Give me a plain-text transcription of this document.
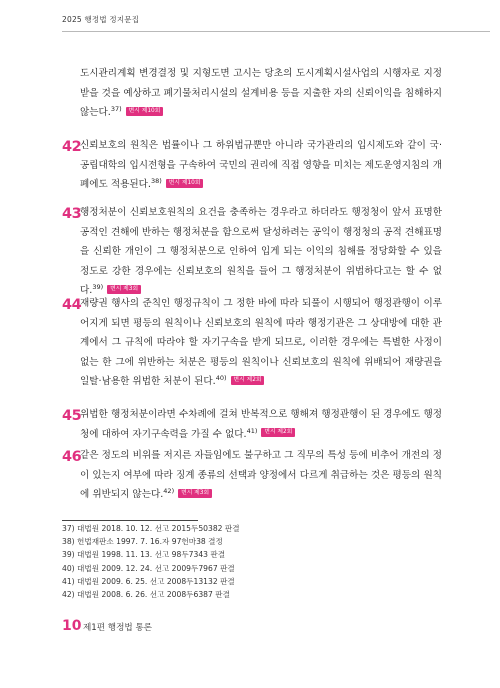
2025 행정법 정지문집
도시관리계획 변경결정 및 지형도면 고시는 당초의 도시계획시설사업의 시행자로 지정받을 것을 예상하고 폐기물처리시설의 설계비용 등을 지출한 자의 신뢰이익을 침해하지 않는다.$^{37)}$ 변시 제10회
42
신뢰보호의 원칙은 법률이나 그 하위법규뿐만 아니라 국가관리의 입시제도와 같이 국·공립대학의 입시전형을 구속하여 국민의 권리에 직접 영향을 미치는 제도운영지침의 개폐에도 적용된다.$^{38)}$ 변시 제10회
43
행정처분이 신뢰보호원칙의 요건을 충족하는 경우라고 하더라도 행정청이 앞서 표명한 공적인 견해에 반하는 행정처분을 함으로써 달성하려는 공익이 행정청의 공적 견해표명을 신뢰한 개인이 그 행정처분으로 인하여 입게 되는 이익의 침해를 정당화할 수 있을 정도로 강한 경우에는 신뢰보호의 원칙을 들어 그 행정처분이 위법하다고는 할 수 없다.$^{39)}$ 변시 제3회
44
재량권 행사의 준칙인 행정규칙이 그 정한 바에 따라 되풀이 시행되어 행정관행이 이루어지게 되면 평등의 원칙이나 신뢰보호의 원칙에 따라 행정기관은 그 상대방에 대한 관계에서 그 규칙에 따라야 할 자기구속을 받게 되므로, 이러한 경우에는 특별한 사정이 없는 한 그에 위반하는 처분은 평등의 원칙이나 신뢰보호의 원칙에 위배되어 재량권을 일탈·남용한 위법한 처분이 된다.$^{40)}$ 변시 제2회
45
위법한 행정처분이라면 수차례에 걸쳐 반복적으로 행해져 행정관행이 된 경우에도 행정청에 대하여 자기구속력을 가질 수 없다.$^{41)}$ 변시 제2회
46
같은 정도의 비위를 저지른 자들임에도 불구하고 그 직무의 특성 등에 비추어 개전의 정이 있는지 여부에 따라 징계 종류의 선택과 양정에서 다르게 취급하는 것은 평등의 원칙에 위반되지 않는다.$^{42)}$ 변시 제3회
37) 대법원 2018. 10. 12. 선고 2015두50382 판결
38) 헌법재판소 1997. 7. 16.자 97헌마38 결정
39) 대법원 1998. 11. 13. 선고 98두7343 판결
40) 대법원 2009. 12. 24. 선고 2009두7967 판결
41) 대법원 2009. 6. 25. 선고 2008두13132 판결
42) 대법원 2008. 6. 26. 선고 2008두6387 판결
10 제1편 행정법 통론
